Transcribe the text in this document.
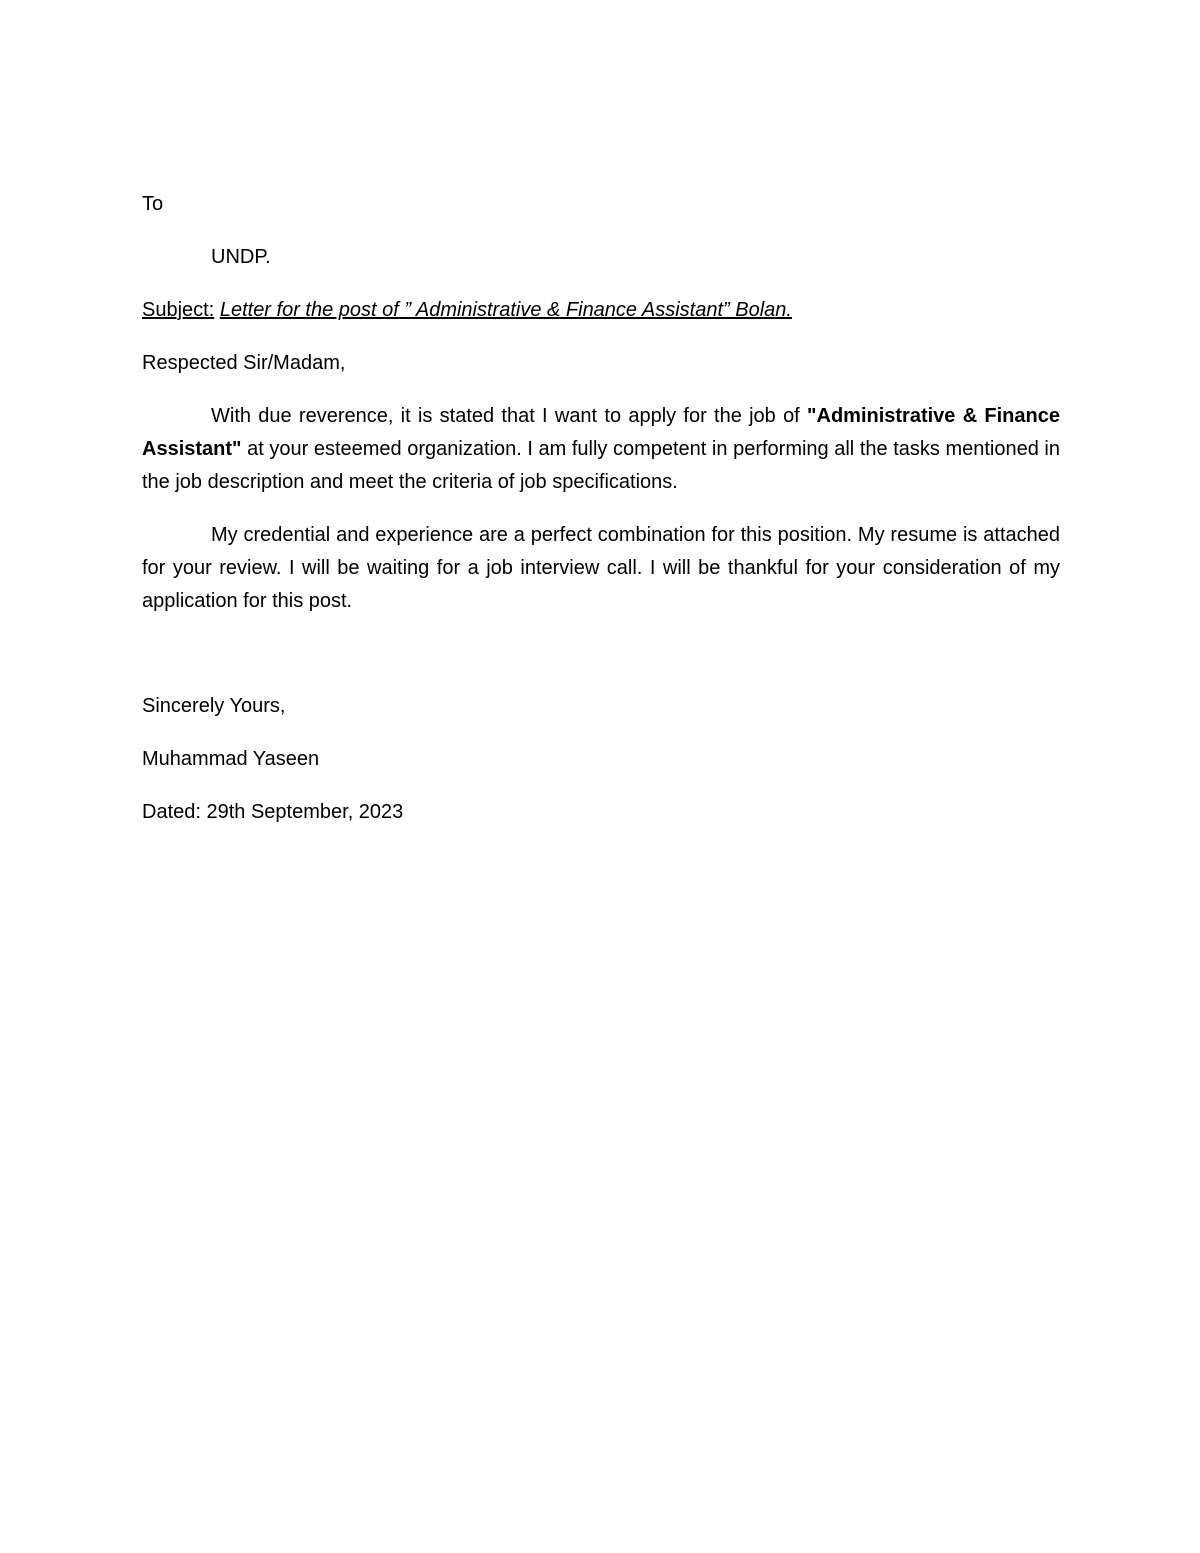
To

UNDP.

Subject: Letter for the post of ” Administrative & Finance Assistant” Bolan.

Respected Sir/Madam,

With due reverence, it is stated that I want to apply for the job of "Administrative & Finance Assistant" at your esteemed organization. I am fully competent in performing all the tasks mentioned in the job description and meet the criteria of job specifications.

My credential and experience are a perfect combination for this position. My resume is attached for your review. I will be waiting for a job interview call. I will be thankful for your consideration of my application for this post.

Sincerely Yours,

Muhammad Yaseen

Dated: 29th September, 2023
